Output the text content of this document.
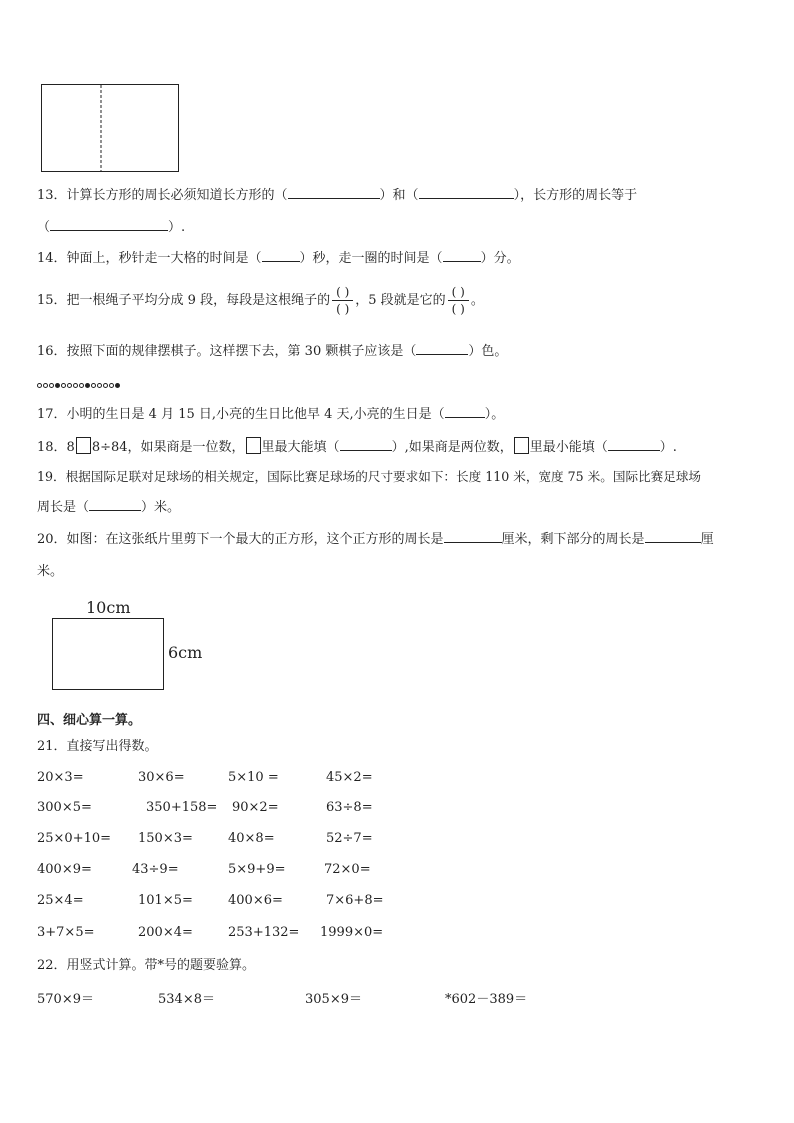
13．计算长方形的周长必须知道长方形的（	）和（	），长方形的周长等于
（	）.
14．钟面上，秒针走一大格的时间是（	）秒，走一圈的时间是（	）分。
15．把一根绳子平均分成 9 段，每段是这根绳子的 $\frac{( )}{( )}$ ，5 段就是它的 $\frac{( )}{( )}$ 。
16．按照下面的规律摆棋子。这样摆下去，第 30 颗棋子应该是（	）色。
17．小明的生日是 4 月 15 日,小亮的生日比他早 4 天,小亮的生日是（	）。
18．8 8÷84，如果商是一位数， 里最大能填（	）,如果商是两位数， 里最小能填（	）.
19．根据国际足联对足球场的相关规定，国际比赛足球场的尺寸要求如下：长度 110 米，宽度 75 米。国际比赛足球场
周长是（	）米。
20．如图：在这张纸片里剪下一个最大的正方形，这个正方形的周长是	厘米，剩下部分的周长是	厘
米。
10cm
6cm
四、细心算一算。
21．直接写出得数。
20×3=	30×6=	5×10 =	45×2=
300×5=	350+158= 90×2=	63÷8=
25×0+10= 150×3=	40×8=	52÷7=
400×9=	43÷9=	5×9+9=	72×0=
25×4=	101×5=	400×6=	7×6+8=
3+7×5=	200×4=	253+132= 1999×0=
22．用竖式计算。带*号的题要验算。
570×9＝	534×8＝	305×9＝	*602－389＝
